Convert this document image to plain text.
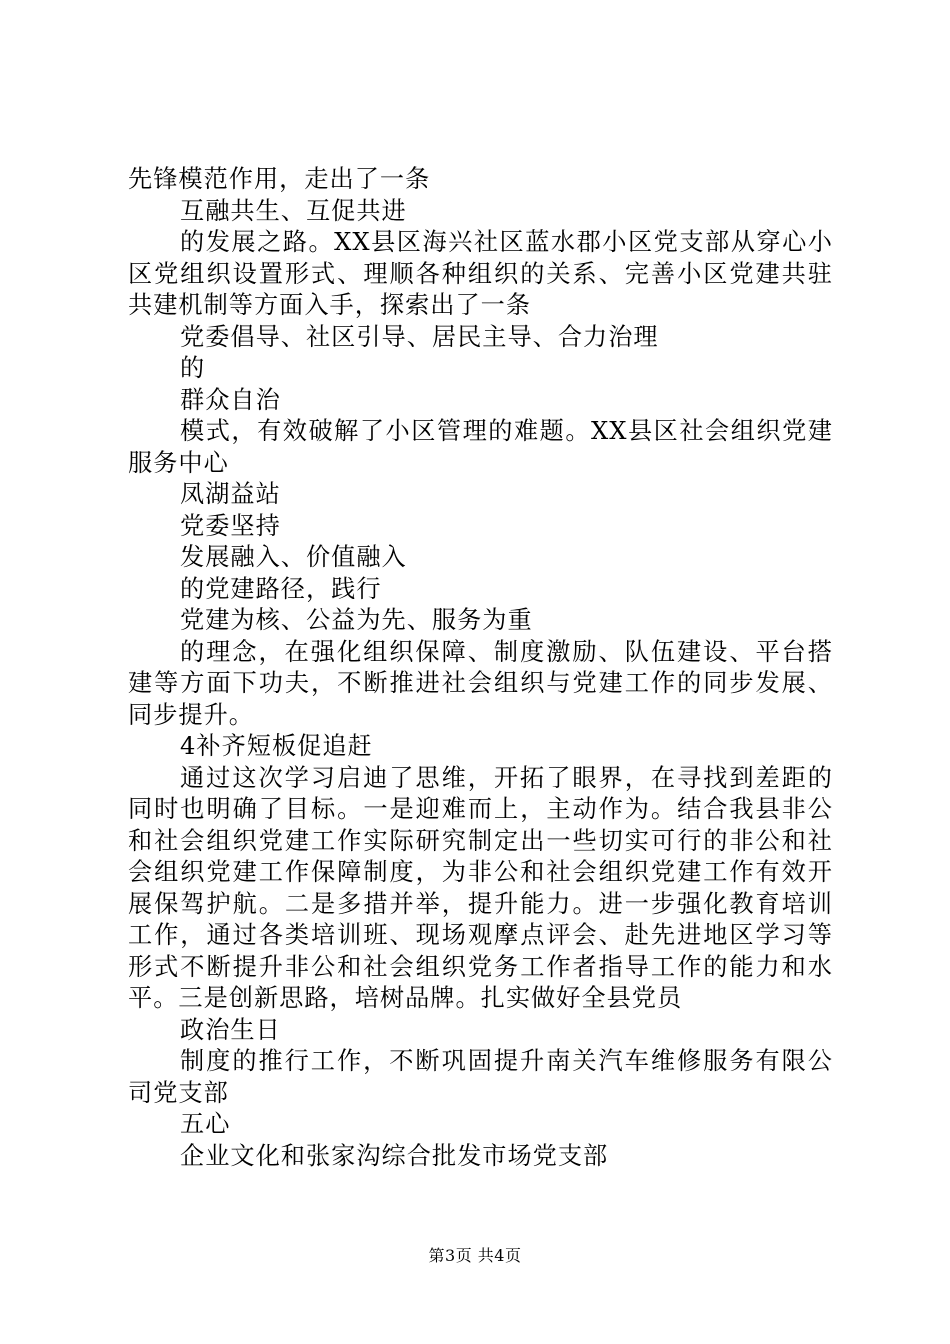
先锋模范作用，走出了一条

互融共生、互促共进

的发展之路。XX县区海兴社区蓝水郡小区党支部从穿心小区党组织设置形式、理顺各种组织的关系、完善小区党建共驻共建机制等方面入手，探索出了一条

党委倡导、社区引导、居民主导、合力治理

的

群众自治

模式，有效破解了小区管理的难题。XX县区社会组织党建服务中心

凤湖益站

党委坚持

发展融入、价值融入

的党建路径，践行

党建为核、公益为先、服务为重

的理念，在强化组织保障、制度激励、队伍建设、平台搭建等方面下功夫，不断推进社会组织与党建工作的同步发展、同步提升。

4补齐短板促追赶

通过这次学习启迪了思维，开拓了眼界，在寻找到差距的同时也明确了目标。一是迎难而上，主动作为。结合我县非公和社会组织党建工作实际研究制定出一些切实可行的非公和社会组织党建工作保障制度，为非公和社会组织党建工作有效开展保驾护航。二是多措并举，提升能力。进一步强化教育培训工作，通过各类培训班、现场观摩点评会、赴先进地区学习等形式不断提升非公和社会组织党务工作者指导工作的能力和水平。三是创新思路，培树品牌。扎实做好全县党员

政治生日

制度的推行工作，不断巩固提升南关汽车维修服务有限公司党支部

五心

企业文化和张家沟综合批发市场党支部

第3页 共4页
